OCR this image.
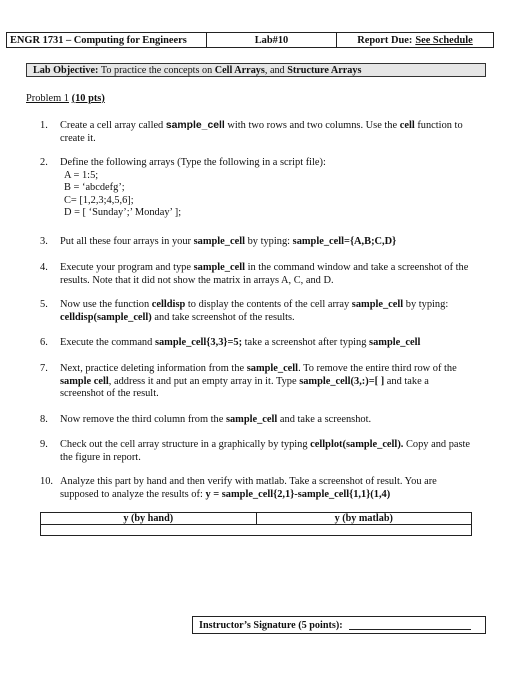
ENGR 1731 – Computing for Engineers	Lab#10	Report Due: See Schedule
Lab Objective:
To practice the concepts on
Cell Arrays , and
Structure Arrays
Problem 1 (10 pts)
1.	Create a cell array called sample_cell with two rows and two columns. Use the cell function to create it.
2.	Define the following arrays (Type the following in a script file):
A = 1:5;
B = ‘abcdefg’;
C= [1,2,3;4,5,6];
D = [ ‘Sunday’;’ Monday’ ];
3.	Put all these four arrays in your sample_cell by typing: sample_cell={A,B;C,D}
4.	Execute your program and type sample_cell in the command window and take a screenshot of the results. Note that it did not show the matrix in arrays A, C, and D.
5.	Now use the function celldisp to display the contents of the cell array sample_cell by typing: celldisp(sample_cell) and take screenshot of the results.
6.	Execute the command sample_cell{3,3}=5; take a screenshot after typing sample_cell
7.	Next, practice deleting information from the sample_cell. To remove the entire third row of the sample cell, address it and put an empty array in it. Type sample_cell(3,:)=[ ] and take a screenshot of the result.
8.	Now remove the third column from the sample_cell and take a screenshot.
9.	Check out the cell array structure in a graphically by typing cellplot(sample_cell). Copy and paste the figure in report.
10. Analyze this part by hand and then verify with matlab. Take a screenshot of result. You are supposed to analyze the results of: y = sample_cell{2,1}-sample_cell{1,1}(1,4)
y (by hand)	y (by matlab)
Instructor’s Signature (5 points):
